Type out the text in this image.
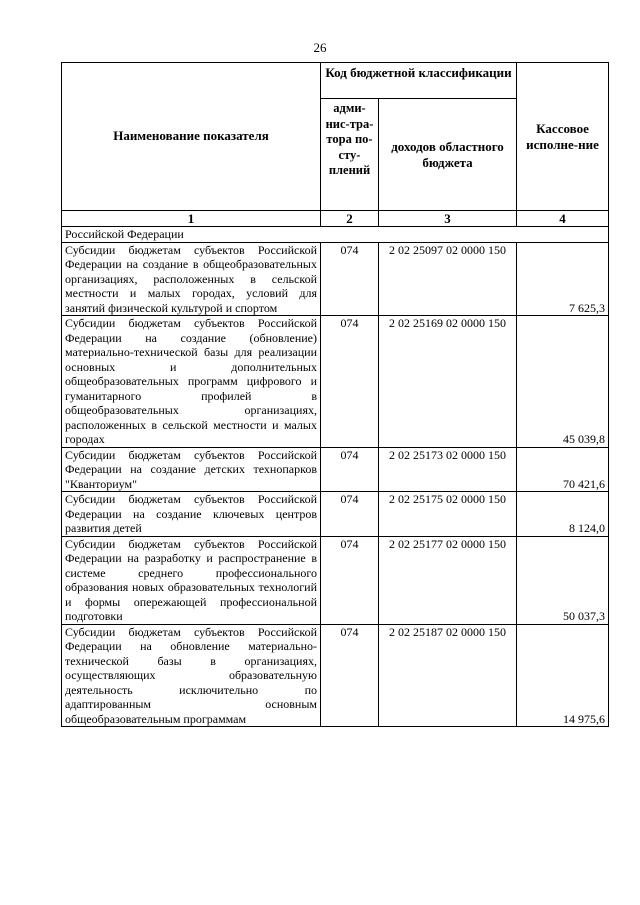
26
Наименование показателя	Код бюджетной классификации		Кассовое исполне-ние
	адми-нис-тра-тора по-сту-плений	доходов областного бюджета	
1	2	3	4
Российской Федерации			
Субсидии бюджетам субъектов Российской Федерации на создание в общеобразовательных организациях, расположенных в сельской местности и малых городах, условий для занятий физической культурой и спортом	074	2 02 25097 02 0000 150	7 625,3
Субсидии бюджетам субъектов Российской Федерации на создание (обновление) материально-технической базы для реализации основных и дополнительных общеобразовательных программ цифрового и гуманитарного профилей в общеобразовательных организациях, расположенных в сельской местности и малых городах	074	2 02 25169 02 0000 150	45 039,8
Субсидии бюджетам субъектов Российской Федерации на создание детских технопарков "Кванториум"	074	2 02 25173 02 0000 150	70 421,6
Субсидии бюджетам субъектов Российской Федерации на создание ключевых центров развития детей	074	2 02 25175 02 0000 150	8 124,0
Субсидии бюджетам субъектов Российской Федерации на разработку и распространение в системе среднего профессионального образования новых образовательных технологий и формы опережающей профессиональной подготовки	074	2 02 25177 02 0000 150	50 037,3
Субсидии бюджетам субъектов Российской Федерации на обновление материально-технической базы в организациях, осуществляющих образовательную деятельность исключительно по адаптированным основным общеобразовательным программам	074	2 02 25187 02 0000 150	14 975,6
